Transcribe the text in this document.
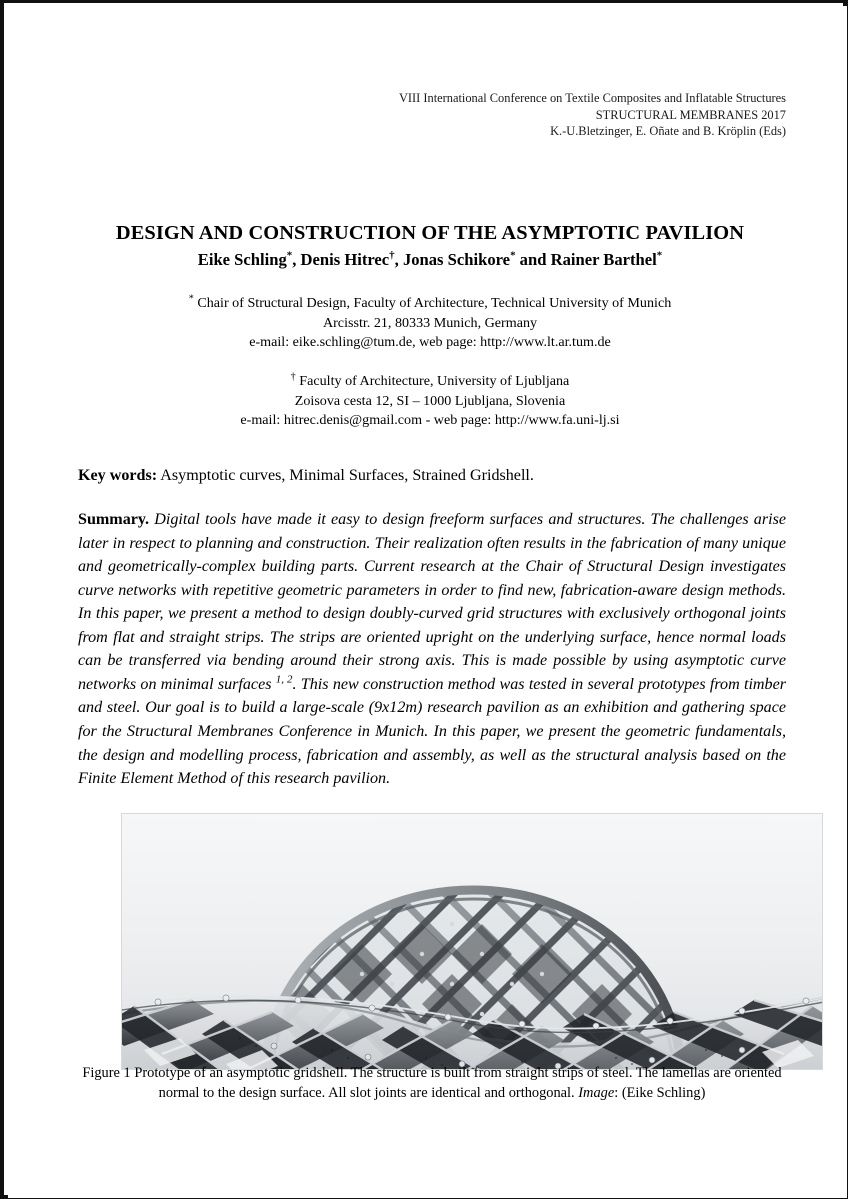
VIII International Conference on Textile Composites and Inflatable Structures
STRUCTURAL MEMBRANES 2017
K.-U.Bletzinger, E. Oñate and B. Kröplin (Eds)
DESIGN AND CONSTRUCTION OF THE ASYMPTOTIC PAVILION
Eike Schling*, Denis Hitrec†, Jonas Schikore* and Rainer Barthel*
* Chair of Structural Design, Faculty of Architecture, Technical University of Munich
Arcisstr. 21, 80333 Munich, Germany
e-mail: eike.schling@tum.de, web page: http://www.lt.ar.tum.de
† Faculty of Architecture, University of Ljubljana
Zoisova cesta 12, SI – 1000 Ljubljana, Slovenia
e-mail: hitrec.denis@gmail.com - web page: http://www.fa.uni-lj.si

Key words: Asymptotic curves, Minimal Surfaces, Strained Gridshell.

Summary. Digital tools have made it easy to design freeform surfaces and structures. The challenges arise later in respect to planning and construction. Their realization often results in the fabrication of many unique and geometrically-complex building parts. Current research at the Chair of Structural Design investigates curve networks with repetitive geometric parameters in order to find new, fabrication-aware design methods. In this paper, we present a method to design doubly-curved grid structures with exclusively orthogonal joints from flat and straight strips. The strips are oriented upright on the underlying surface, hence normal loads can be transferred via bending around their strong axis. This is made possible by using asymptotic curve networks on minimal surfaces $^{1, 2}$. This new construction method was tested in several prototypes from timber and steel. Our goal is to build a large-scale (9x12m) research pavilion as an exhibition and gathering space for the Structural Membranes Conference in Munich. In this paper, we present the geometric fundamentals, the design and modelling process, fabrication and assembly, as well as the structural analysis based on the Finite Element Method of this research pavilion.

Figure 1 Prototype of an asymptotic gridshell. The structure is built from straight strips of steel. The lamellas are oriented normal to the design surface. All slot joints are identical and orthogonal. Image: (Eike Schling)
